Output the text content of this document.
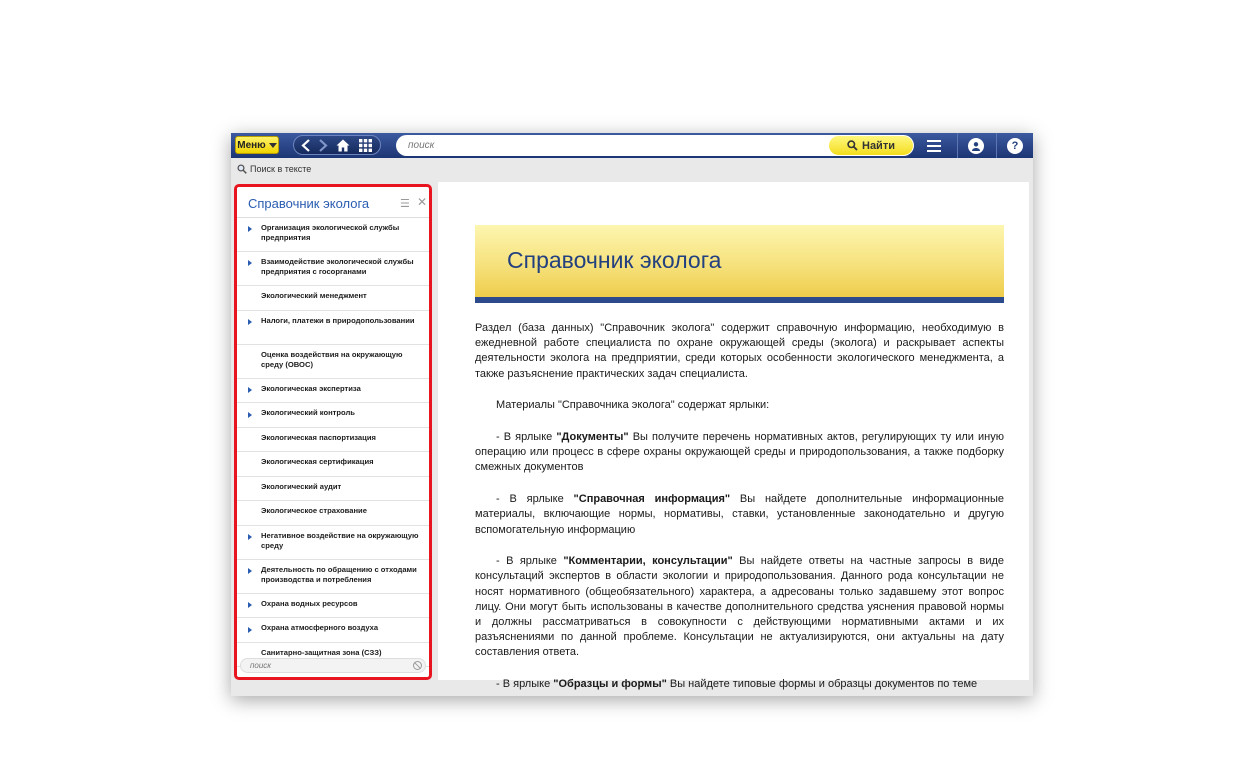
Меню
поиск	Найти	?
Поиск в тексте
Справочник эколога	☰ ✕
Организация экологической службы предприятия
Взаимодействие экологической службы предприятия с госорганами
Экологический менеджмент
Налоги, платежи в природопользовании
Оценка воздействия на окружающую среду (ОВОС)
Экологическая экспертиза
Экологический контроль
Экологическая паспортизация
Экологическая сертификация
Экологический аудит
Экологическое страхование
Негативное воздействие на окружающую среду
Деятельность по обращению с отходами производства и потребления
Охрана водных ресурсов
Охрана атмосферного воздуха
Санитарно-защитная зона (СЗЗ)
поиск
Справочник эколога

Раздел (база данных) "Справочник эколога" содержит справочную информацию, необходимую в ежедневной работе специалиста по охране окружающей среды (эколога) и раскрывает аспекты деятельности эколога на предприятии, среди которых особенности экологического менеджмента, а также разъяснение практических задач специалиста.

Материалы "Справочника эколога" содержат ярлыки:

- В ярлыке "Документы" Вы получите перечень нормативных актов, регулирующих ту или иную операцию или процесс в сфере охраны окружающей среды и природопользования, а также подборку смежных документов

- В ярлыке "Справочная информация" Вы найдете дополнительные информационные материалы, включающие нормы, нормативы, ставки, установленные законодательно и другую вспомогательную информацию

- В ярлыке "Комментарии, консультации" Вы найдете ответы на частные запросы в виде консультаций экспертов в области экологии и природопользования. Данного рода консультации не носят нормативного (общеобязательного) характера, а адресованы только задавшему этот вопрос лицу. Они могут быть использованы в качестве дополнительного средства уяснения правовой нормы и должны рассматриваться в совокупности с действующими нормативными актами и их разъяснениями по данной проблеме. Консультации не актуализируются, они актуальны на дату составления ответа.

- В ярлыке "Образцы и формы" Вы найдете типовые формы и образцы документов по теме
